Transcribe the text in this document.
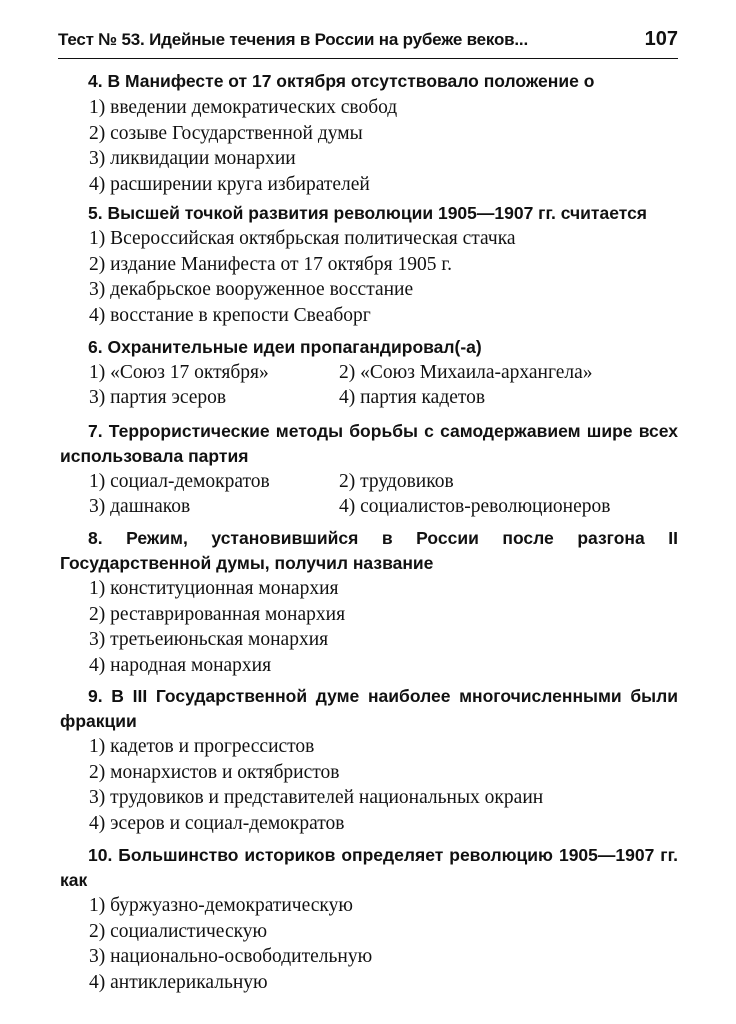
Тест № 53. Идейные течения в России на рубеже веков...	107
4. В Манифесте от 17 октября отсутствовало положение о
1) введении демократических свобод
2) созыве Государственной думы
3) ликвидации монархии
4) расширении круга избирателей
5. Высшей точкой развития революции 1905—1907 гг. считается
1) Всероссийская октябрьская политическая стачка
2) издание Манифеста от 17 октября 1905 г.
3) декабрьское вооруженное восстание
4) восстание в крепости Свеаборг
6. Охранительные идеи пропагандировал(-а)
1) «Союз 17 октября»	2) «Союз Михаила-архангела»
3) партия эсеров	4) партия кадетов
7. Террористические методы борьбы с самодержавием шире всех использовала партия
1) социал-демократов	2) трудовиков
3) дашнаков	4) социалистов-революционеров
8. Режим, установившийся в России после разгона II Государственной думы, получил название
1) конституционная монархия
2) реставрированная монархия
3) третьеиюньская монархия
4) народная монархия
9. В III Государственной думе наиболее многочисленными были фракции
1) кадетов и прогрессистов
2) монархистов и октябристов
3) трудовиков и представителей национальных окраин
4) эсеров и социал-демократов
10. Большинство историков определяет революцию 1905—1907 гг. как
1) буржуазно-демократическую
2) социалистическую
3) национально-освободительную
4) антиклерикальную
